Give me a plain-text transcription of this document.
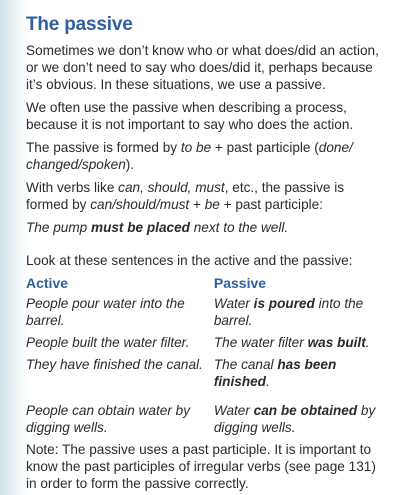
The passive

Sometimes we don’t know who or what does/did an action, or we don’t need to say who does/did it, perhaps because it’s obvious. In these situations, we use a passive.

We often use the passive when describing a process, because it is not important to say who does the action.

The passive is formed by to be + past participle (done/ changed/spoken).

With verbs like can, should, must, etc., the passive is formed by can/should/must + be + past participle:

The pump must be placed next to the well.

Look at these sentences in the active and the passive:

Active	Passive
People pour water into the barrel.
Water is poured into the barrel.
People built the water filter.	The water filter was built.
They have finished the canal. The canal has been finished.
People can obtain water by digging wells.
Water can be obtained by digging wells.

Note: The passive uses a past participle. It is important to know the past participles of irregular verbs (see page 131) in order to form the passive correctly.
